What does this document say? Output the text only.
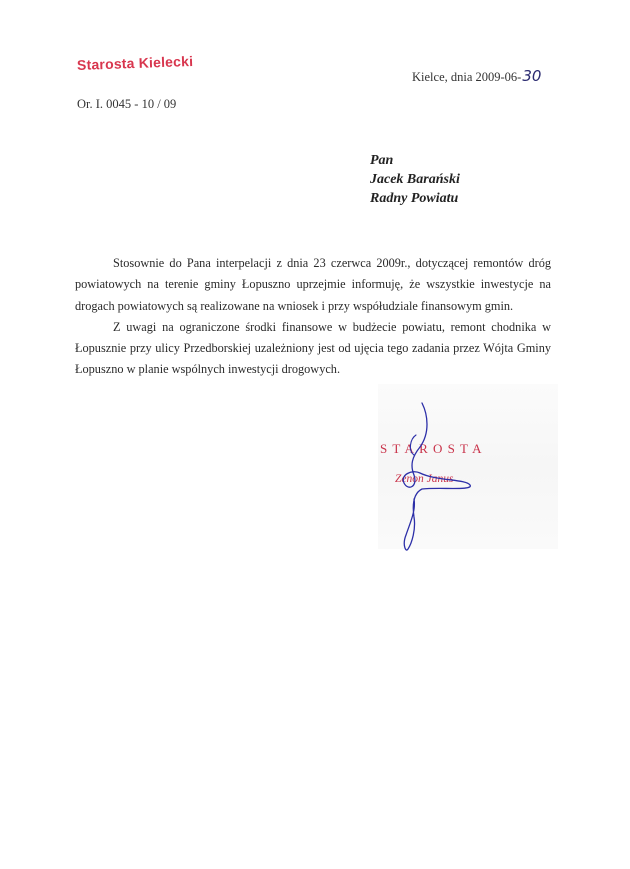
Starosta Kielecki
Kielce, dnia 2009-06-30
Or. I. 0045 - 10 / 09
Pan
Jacek Barański
Radny Powiatu

Stosownie do Pana interpelacji z dnia 23 czerwca 2009r., dotyczącej remontów dróg powiatowych na terenie gminy Łopuszno uprzejmie informuję, że wszystkie inwestycje na drogach powiatowych są realizowane na wniosek i przy współudziale finansowym gmin.

Z uwagi na ograniczone środki finansowe w budżecie powiatu, remont chodnika w Łopusznie przy ulicy Przedborskiej uzależniony jest od ujęcia tego zadania przez Wójta Gminy Łopuszno w planie wspólnych inwestycji drogowych.

STAROSTA
Zenon Janus
